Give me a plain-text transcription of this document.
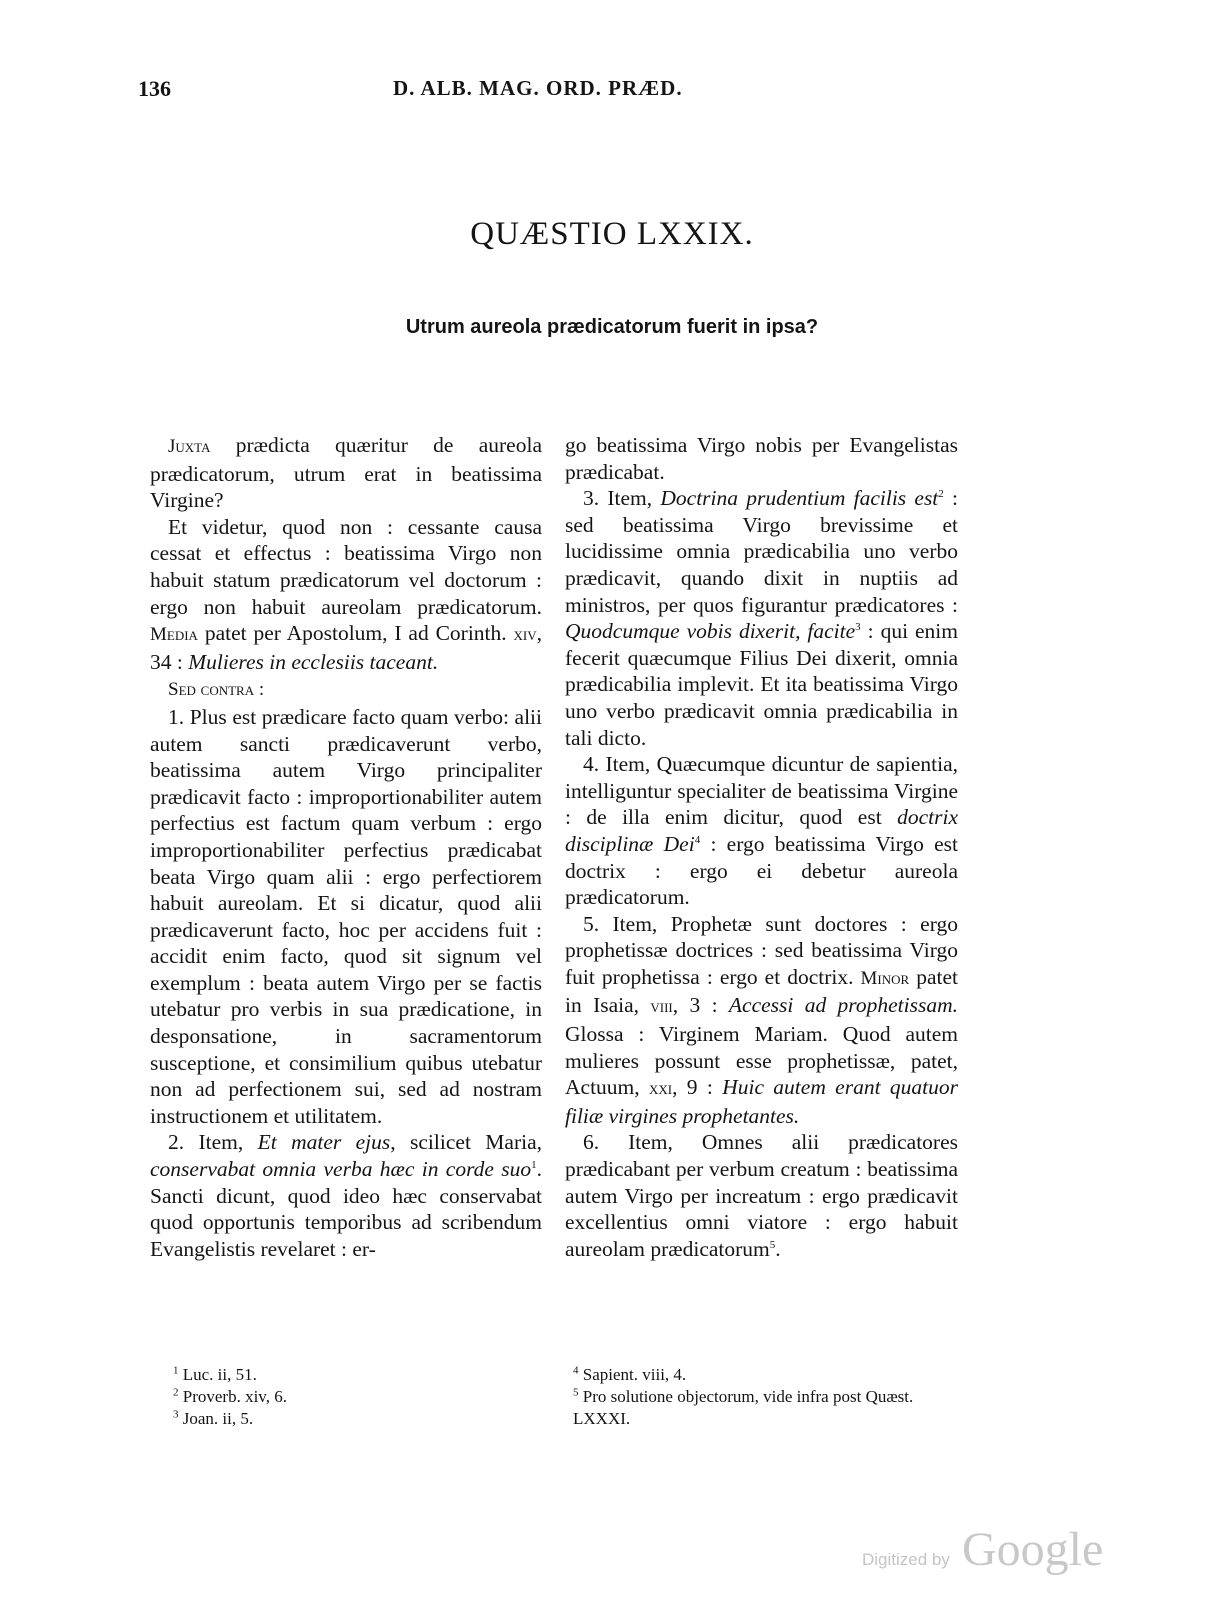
136	D. ALB. MAG. ORD. PRÆD.
QUÆSTIO LXXIX.
Utrum aureola prædicatorum fuerit in ipsa?

Juxta prædicta quæritur de aureola prædicatorum, utrum erat in beatissima Virgine?

Et videtur, quod non : cessante causa cessat et effectus : beatissima Virgo non habuit statum prædicatorum vel doctorum : ergo non habuit aureolam prædicatorum. Media patet per Apostolum, I ad Corinth. xiv, 34 : Mulieres in ecclesiis taceant.

Sed contra :

1. Plus est prædicare facto quam verbo: alii autem sancti prædicaverunt verbo, beatissima autem Virgo principaliter prædicavit facto : improportionabiliter autem perfectius est factum quam verbum : ergo improportionabiliter perfectius prædicabat beata Virgo quam alii : ergo perfectiorem habuit aureolam. Et si dicatur, quod alii prædicaverunt facto, hoc per accidens fuit : accidit enim facto, quod sit signum vel exemplum : beata autem Virgo per se factis utebatur pro verbis in sua prædicatione, in desponsatione, in sacramentorum susceptione, et consimilium quibus utebatur non ad perfectionem sui, sed ad nostram instructionem et utilitatem.

2. Item, Et mater ejus, scilicet Maria, conservabat omnia verba hæc in corde suo$^1$. Sancti dicunt, quod ideo hæc conservabat quod opportunis temporibus ad scribendum Evangelistis revelaret : er-

go beatissima Virgo nobis per Evangelistas prædicabat.

3. Item, Doctrina prudentium facilis est$^2$ : sed beatissima Virgo brevissime et lucidissime omnia prædicabilia uno verbo prædicavit, quando dixit in nuptiis ad ministros, per quos figurantur prædicatores : Quodcumque vobis dixerit, facite$^3$ : qui enim fecerit quæcumque Filius Dei dixerit, omnia prædicabilia implevit. Et ita beatissima Virgo uno verbo prædicavit omnia prædicabilia in tali dicto.

4. Item, Quæcumque dicuntur de sapientia, intelliguntur specialiter de beatissima Virgine : de illa enim dicitur, quod est doctrix disciplinæ Dei$^4$ : ergo beatissima Virgo est doctrix : ergo ei debetur aureola prædicatorum.

5. Item, Prophetæ sunt doctores : ergo prophetissæ doctrices : sed beatissima Virgo fuit prophetissa : ergo et doctrix. Minor patet in Isaia, viii, 3 : Accessi ad prophetissam. Glossa : Virginem Mariam. Quod autem mulieres possunt esse prophetissæ, patet, Actuum, xxi, 9 : Huic autem erant quatuor filiæ virgines prophetantes.

6. Item, Omnes alii prædicatores prædicabant per verbum creatum : beatissima autem Virgo per increatum : ergo prædicavit excellentius omni viatore : ergo habuit aureolam prædicatorum$^5$.

$^1$ Luc. ii, 51.

$^2$ Proverb. xiv, 6.

$^3$ Joan. ii, 5.

$^4$ Sapient. viii, 4.

$^5$ Pro solutione objectorum, vide infra post Quæst. LXXXI.

Digitized by Google
